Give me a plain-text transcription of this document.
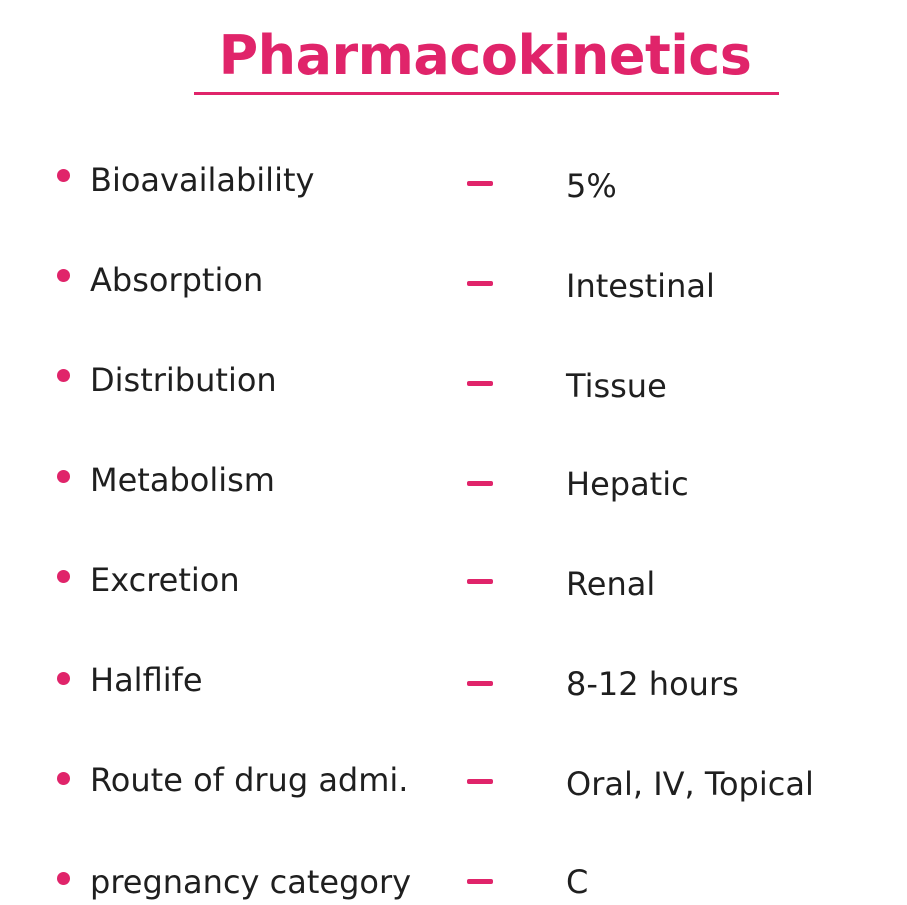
Pharmacokinetics
Bioavailability	5%
Absorption	Intestinal
Distribution	Tissue
Metabolism	Hepatic
Excretion	Renal
Halflife	8-12 hours
Route of drug admi.	Oral, IV, Topical
pregnancy category	C
